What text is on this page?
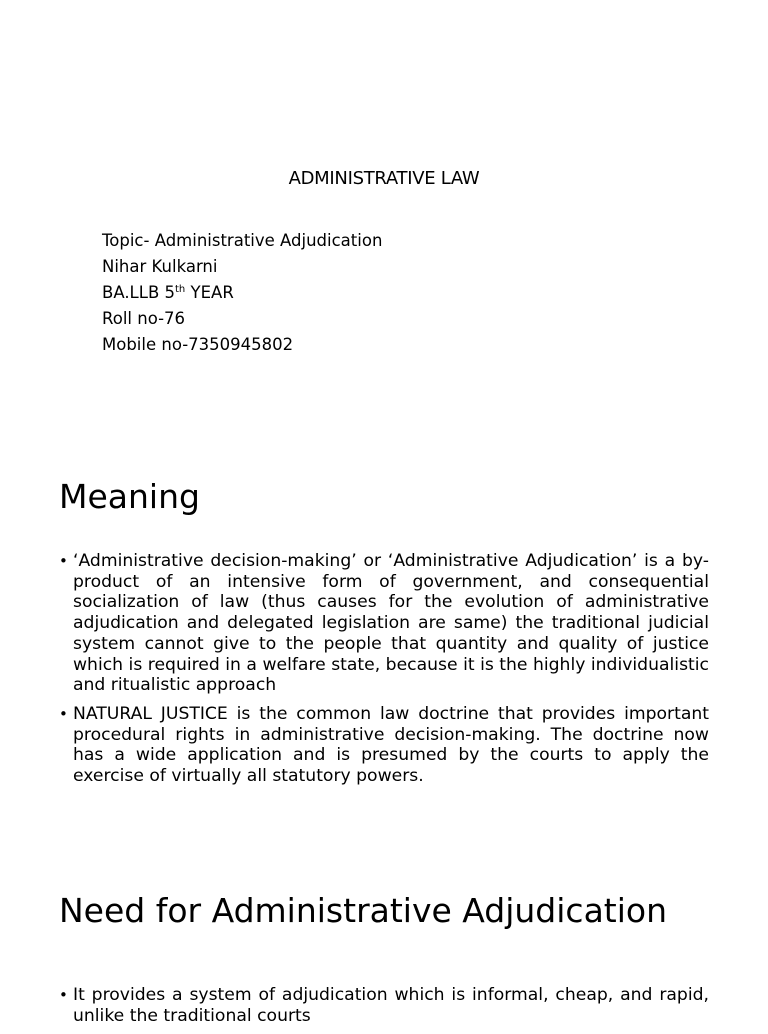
ADMINISTRATIVE LAW
Topic- Administrative Adjudication
Nihar Kulkarni
BA.LLB 5th YEAR
Roll no-76
Mobile no-7350945802
Meaning
• ‘Administrative decision-making’ or ‘Administrative Adjudication’ is a by-product of an intensive form of government, and consequential socialization of law (thus causes for the evolution of administrative adjudication and delegated legislation are same) the traditional judicial system cannot give to the people that quantity and quality of justice which is required in a welfare state, because it is the highly individualistic and ritualistic approach
• NATURAL JUSTICE is the common law doctrine that provides important procedural rights in administrative decision-making. The doctrine now has a wide application and is presumed by the courts to apply the exercise of virtually all statutory powers.
Need for Administrative Adjudication
• It provides a system of adjudication which is informal, cheap, and rapid, unlike the traditional courts
